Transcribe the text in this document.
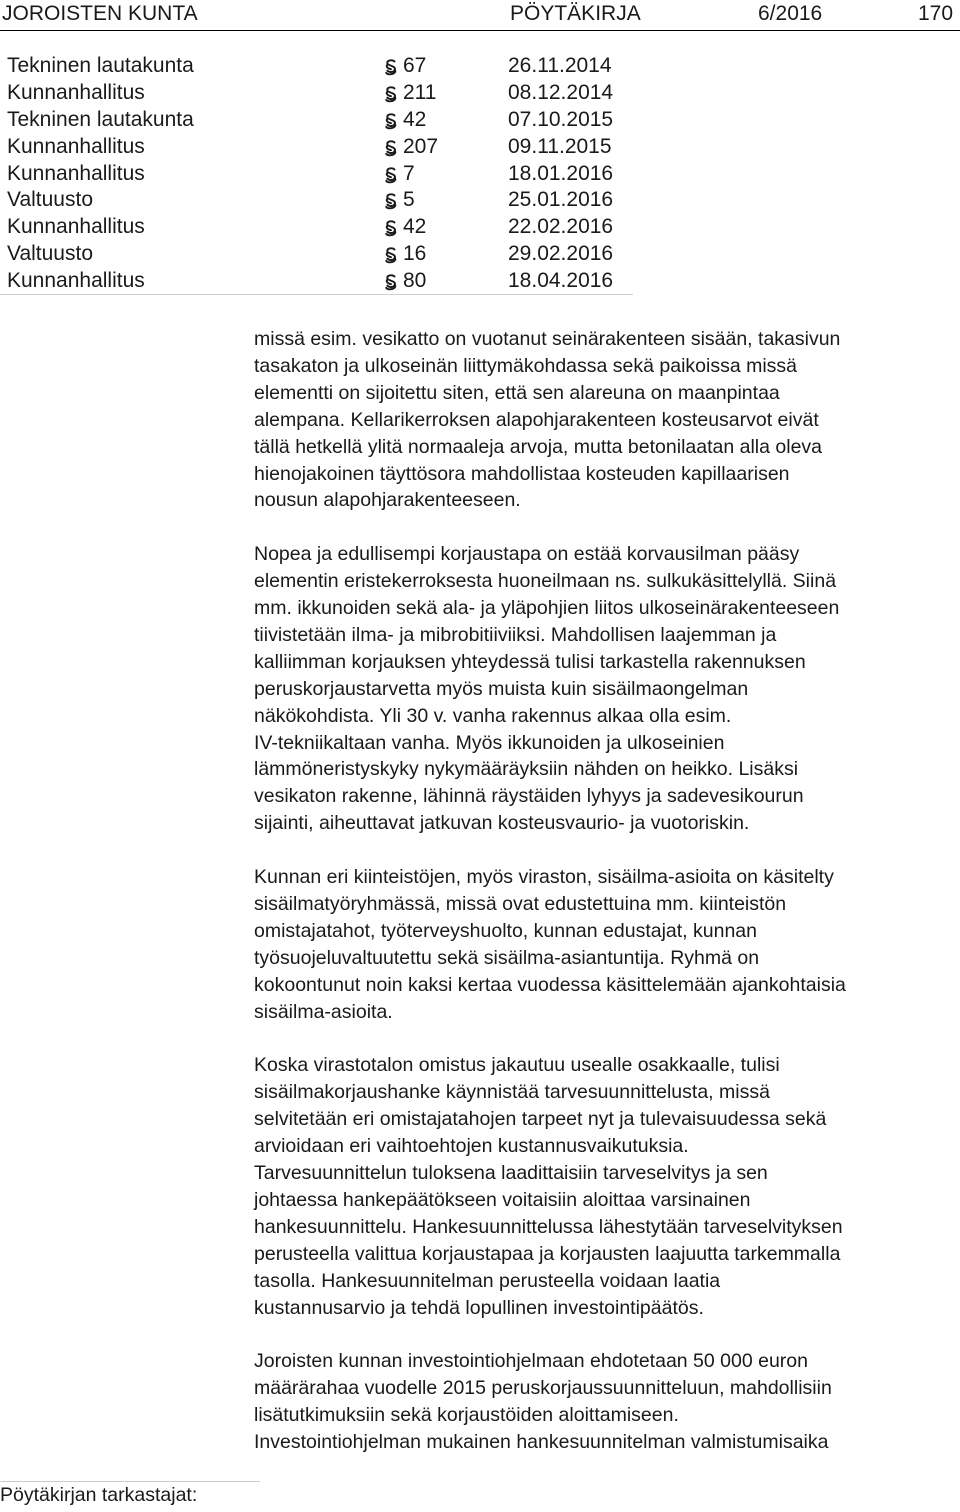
JOROISTEN KUNTA	PÖYTÄKIRJA	6/2016	170
Tekninen lautakunta	67	26.11.2014
Kunnanhallitus	211	08.12.2014
Tekninen lautakunta	42	07.10.2015
Kunnanhallitus	207	09.11.2015
Kunnanhallitus	7	18.01.2016
Valtuusto	5	25.01.2016
Kunnanhallitus	42	22.02.2016
Valtuusto	16	29.02.2016
Kunnanhallitus	80	18.04.2016

missä esim. vesikatto on vuotanut seinärakenteen sisään, takasivun
tasakaton ja ulkoseinän liittymäkohdassa sekä paikoissa missä
elementti on sijoitettu siten, että sen alareuna on maanpintaa
alempana. Kellarikerroksen alapohjarakenteen kosteusarvot eivät
tällä hetkellä ylitä normaaleja arvoja, mutta betonilaatan alla oleva
hienojakoinen täyttösora mahdollistaa kosteuden kapillaarisen
nousun alapohjarakenteeseen.

Nopea ja edullisempi korjaustapa on estää korvausilman pääsy
elementin eristekerroksesta huoneilmaan ns. sulkukäsittelyllä. Siinä
mm. ikkunoiden sekä ala- ja yläpohjien liitos ulkoseinärakenteeseen
tiivistetään ilma- ja mibrobitiiviiksi. Mahdollisen laajemman ja
kalliimman korjauksen yhteydessä tulisi tarkastella rakennuksen
peruskorjaustarvetta myös muista kuin sisäilmaongelman
näkökohdista. Yli 30 v. vanha rakennus alkaa olla esim.
IV-tekniikaltaan vanha. Myös ikkunoiden ja ulkoseinien
lämmöneristyskyky nykymääräyksiin nähden on heikko. Lisäksi
vesikaton rakenne, lähinnä räystäiden lyhyys ja sadevesikourun
sijainti, aiheuttavat jatkuvan kosteusvaurio- ja vuotoriskin.

Kunnan eri kiinteistöjen, myös viraston, sisäilma-asioita on käsitelty
sisäilmatyöryhmässä, missä ovat edustettuina mm. kiinteistön
omistajatahot, työterveyshuolto, kunnan edustajat, kunnan
työsuojeluvaltuutettu sekä sisäilma-asiantuntija. Ryhmä on
kokoontunut noin kaksi kertaa vuodessa käsittelemään ajankohtaisia
sisäilma-asioita.

Koska virastotalon omistus jakautuu usealle osakkaalle, tulisi
sisäilmakorjaushanke käynnistää tarvesuunnittelusta, missä
selvitetään eri omistajatahojen tarpeet nyt ja tulevaisuudessa sekä
arvioidaan eri vaihtoehtojen kustannusvaikutuksia.
Tarvesuunnittelun tuloksena laadittaisiin tarveselvitys ja sen
johtaessa hankepäätökseen voitaisiin aloittaa varsinainen
hankesuunnittelu. Hankesuunnittelussa lähestytään tarveselvityksen
perusteella valittua korjaustapaa ja korjausten laajuutta tarkemmalla
tasolla. Hankesuunnitelman perusteella voidaan laatia
kustannusarvio ja tehdä lopullinen investointipäätös.

Joroisten kunnan investointiohjelmaan ehdotetaan 50 000 euron
määrärahaa vuodelle 2015 peruskorjaussuunnitteluun, mahdollisiin
lisätutkimuksiin sekä korjaustöiden aloittamiseen.
Investointiohjelman mukainen hankesuunnitelman valmistumisaika

Pöytäkirjan tarkastajat:
